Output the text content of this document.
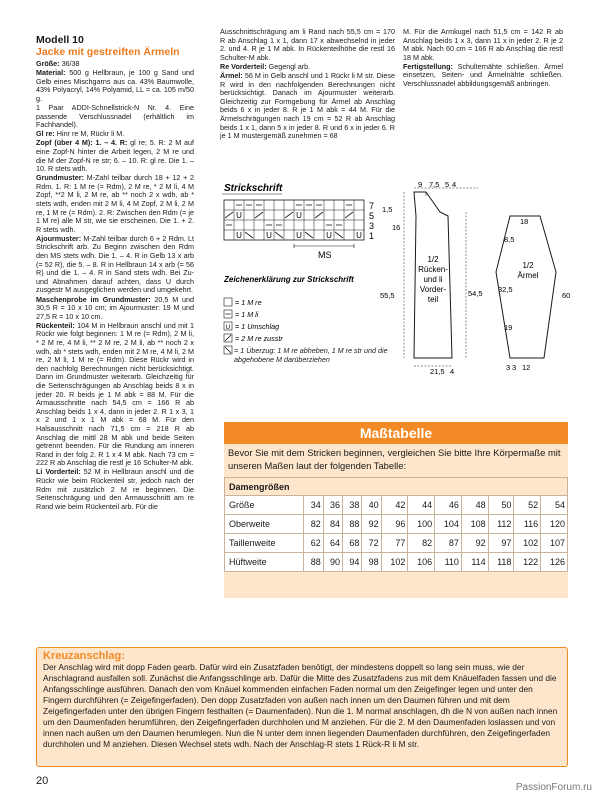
Modell 10
Jacke mit gestreiften Ärmeln

Größe: 36/38

Material: 500 g Hellbraun, je 100 g Sand und Gelb eines Mischgarns aus ca. 43% Baumwolle, 43% Polyacryl, 14% Polyamid, LL = ca. 105 m/50 g.

1 Paar ADDI-Schnellstrick-N Nr. 4. Eine passende Verschlussnadel (erhältlich im Fachhandel).

Gl re: Hinr re M, Rückr li M.

Zopf (über 4 M): 1. – 4. R: gl re; 5. R: 2 M auf eine Zopf-N hinter die Arbeit legen, 2 M re und die M der Zopf-N re str; 6. – 10. R: gl re. Die 1. – 10. R stets wdh.

Grundmuster: M-Zahl teilbar durch 18 + 12 + 2 Rdm. 1. R: 1 M re (= Rdm), 2 M re, * 2 M li, 4 M Zopf, **2 M li, 2 M re, ab ** noch 2 x wdh, ab * stets wdh, enden mit 2 M li, 4 M Zopf, 2 M li, 2 M re, 1 M re (= Rdm). 2. R: Zwischen den Rdm (= je 1 M re) alle M str, wie sie erscheinen. Die 1. + 2. R stets wdh.

Ajourmuster: M-Zahl teilbar durch 6 + 2 Rdm. Lt Strickschrift arb. Zu Beginn zwischen den Rdm den MS stets wdh. Die 1. – 4. R in Gelb 13 x arb (= 52 R), die 5. – 8. R in Hellbraun 14 x arb (= 56 R) und die 1. – 4. R in Sand stets wdh. Bei Zu- und Abnahmen darauf achten, dass U durch zusgestr M ausgeglichen werden und umgekehrt.

Maschenprobe im Grundmuster: 20,5 M und 30,5 R = 10 x 10 cm; im Ajourmuster: 19 M und 27,5 R = 10 x 10 cm.

Rückenteil: 104 M in Hellbraun anschl und mit 1 Rückr wie folgt beginnen: 1 M re (= Rdm), 2 M li, * 2 M re, 4 M li, ** 2 M re, 2 M li, ab ** noch 2 x wdh, ab * stets wdh, enden mit 2 M re, 4 M li, 2 M re, 2 M li, 1 M re (= Rdm). Diese Rückr wird in den nachfolg Berechnungen nicht berücksichtigt. Dann im Grundmuster weiterarb. Gleichzeitig für die Seitenschrägungen ab Anschlag beids 8 x in jeder 20. R beids je 1 M abk = 88 M. Für die Armausschnitte nach 54,5 cm = 166 R ab Anschlag beids 1 x 4, dann in jeder 2. R 1 x 3, 1 x 2 und 1 x 1 M abk = 68 M. Für den Halsausschnitt nach 71,5 cm = 218 R ab Anschlag die mittl 28 M abk und beide Seiten getrennt beenden. Für die Rundung am inneren Rand in der folg 2. R 1 x 4 M abk. Nach 73 cm = 222 R ab Anschlag die restl je 16 Schulter-M abk.

Li Vorderteil: 52 M in Hellbraun anschl und die Rückr wie beim Rückenteil str, jedoch nach der Rdm mit zusätzlich 2 M re beginnen. Die Seitenschrägung und den Armausschnitt am re Rand wie beim Rückenteil arb. Für die

Ausschnittschrägung am li Rand nach 55,5 cm = 170 R ab Anschlag 1 x 1, dann 17 x abwechselnd in jeder 2. und 4. R je 1 M abk. In Rückenteilhöhe die restl 16 Schulter-M abk.

Re Vorderteil: Gegengl arb.

Ärmel: 56 M in Gelb anschl und 1 Rückr li M str. Diese R wird in den nachfolgenden Berechnungen nicht berücksichtigt. Danach im Ajourmuster weiterarb. Gleichzeitig zur Formgebung für Ärmel ab Anschlag beids 6 x in jeder 8. R je 1 M abk = 44 M. Für die Ärmelschrägungen nach 19 cm = 52 R ab Anschlag beids 1 x 1, dann 5 x in jeder 8. R und 6 x in jeder 6. R je 1 M mustergemäß zunehmen = 68

M. Für die Armkugel nach 51,5 cm = 142 R ab Anschlag beids 1 x 3, dann 11 x in jeder 2. R je 2 M abk. Nach 60 cm = 166 R ab Anschlag die restl 18 M abk.

Fertigstellung: Schulternähte schließen. Ärmel einsetzen, Seiten- und Ärmelnähte schließen. Verschlussnadel abbildungsgemäß anbringen.

Strickschrift
U	U
U	U	U	U	U
7
5
3
1
MS
Zeichenerklärung zur Strickschrift
= 1 M re
= 1 M li
U = 1 Umschlag
= 2 M re zusstr
= 1 Überzug: 1 M re abheben, 1 M re str und die abgehobene M darüberziehen
9 7,5 5 4
1,5
16
55,5	54,5
21,5 4
1/2
Rücken-
und li
Vorder-
teil
18
8,5
32,5
60
19
3 3 12
1/2
Ärmel
Maßtabelle
Bevor Sie mit dem Stricken beginnen, vergleichen Sie bitte Ihre Körpermaße mit unseren Maßen laut der folgenden Tabelle:
Damengrößen											
Größe	34	36	38	40	42	44	46	48	50	52	54
Oberweite	82	84	88	92	96	100	104	108	112	116	120
Taillenweite	62	64	68	72	77	82	87	92	97	102	107
Hüftweite	88	90	94	98	102	106	110	114	118	122	126
Kreuzanschlag:
Der Anschlag wird mit dopp Faden gearb. Dafür wird ein Zusatzfaden benötigt, der mindestens doppelt so lang sein muss, wie der Anschlagrand ausfallen soll. Zunächst die Anfangsschlinge arb. Dafür die Mitte des Zusatzfadens zus mit dem Knäuelfaden fassen und die Anfangsschlinge ausführen. Danach den vom Knäuel kommenden einfachen Faden normal um den Zeigefinger legen und unter den Fingern durchführen (= Zeigefingerfaden). Den dopp Zusatzfaden von außen nach innen um den Daumen führen und mit dem Zeigefingerfaden unter den übrigen Fingern festhalten (= Daumenfaden). Nun die 1. M normal anschlagen, dh die N von außen nach innen um den Daumenfaden herumführen, den Zeigefingerfaden durchholen und M anziehen. Für die 2. M den Daumenfaden loslassen und von innen nach außen um den Daumen herumlegen. Nun die N unter dem innen liegenden Daumenfaden durchführen, den Zeigefingerfaden durchholen und M anziehen. Diesen Wechsel stets wdh. Nach der Anschlag-R stets 1 Rück-R li M str.
20
PassionForum.ru
